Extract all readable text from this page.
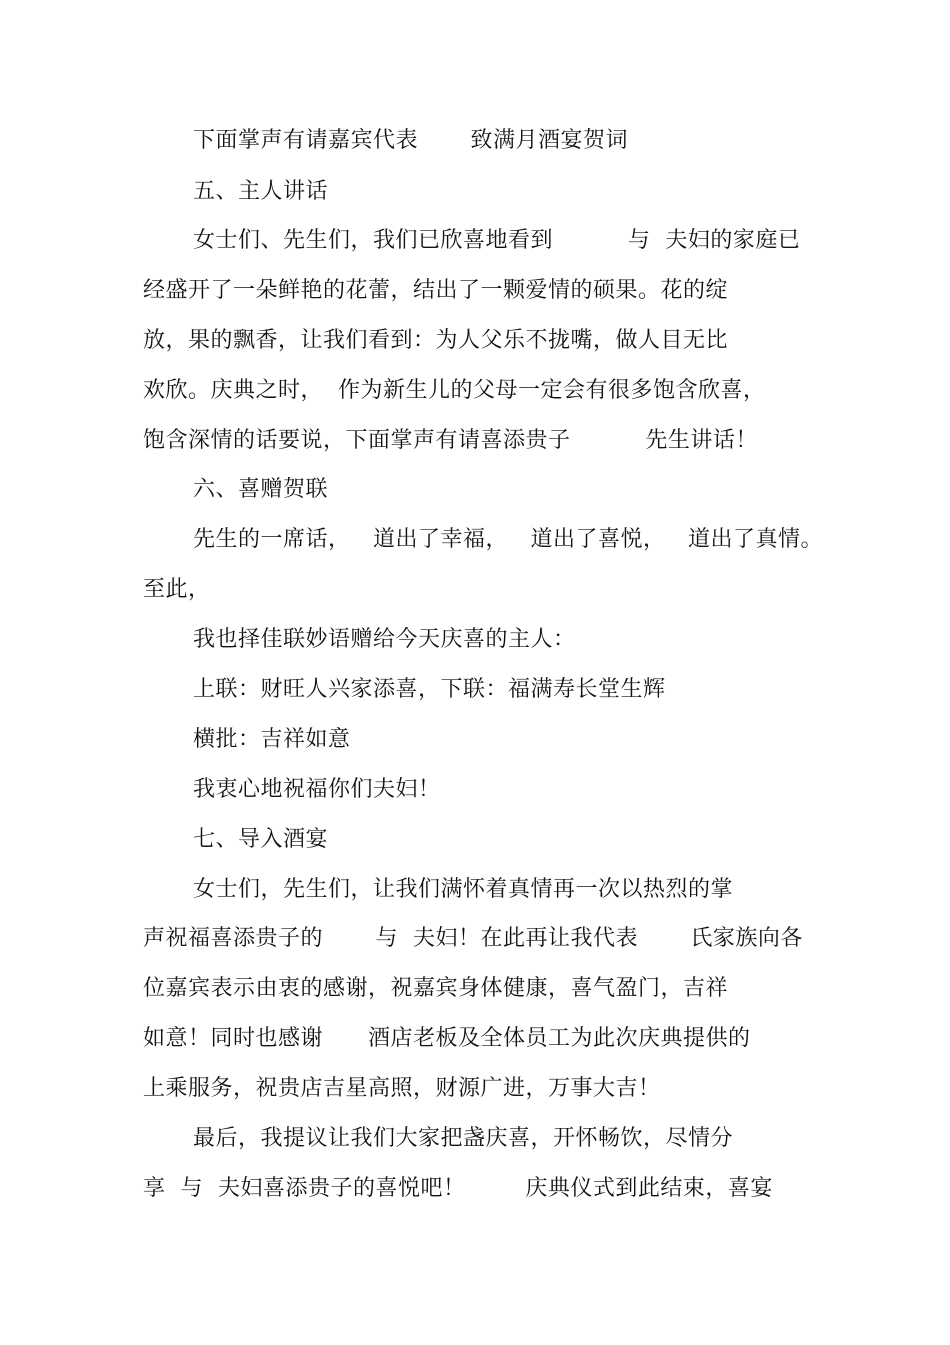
下面掌声有请嘉宾代表       致满月酒宴贺词
五、主人讲话
女士们、先生们，我们已欣喜地看到          与  夫妇的家庭已
经盛开了一朵鲜艳的花蕾，结出了一颗爱情的硕果。花的绽
放，果的飘香，让我们看到：为人父乐不拢嘴，做人目无比
欢欣。庆典之时，  作为新生儿的父母一定会有很多饱含欣喜，
饱含深情的话要说，下面掌声有请喜添贵子          先生讲话！
六、喜赠贺联
先生的一席话，   道出了幸福，   道出了喜悦，   道出了真情。
至此，
我也择佳联妙语赠给今天庆喜的主人：
上联：财旺人兴家添喜，下联：福满寿长堂生辉
横批：吉祥如意
我衷心地祝福你们夫妇！
七、导入酒宴
女士们，先生们，让我们满怀着真情再一次以热烈的掌
声祝福喜添贵子的       与  夫妇！在此再让我代表       氏家族向各
位嘉宾表示由衷的感谢，祝嘉宾身体健康，喜气盈门，吉祥
如意！同时也感谢      酒店老板及全体员工为此次庆典提供的
上乘服务，祝贵店吉星高照，财源广进，万事大吉！
最后，我提议让我们大家把盏庆喜，开怀畅饮，尽情分
享  与  夫妇喜添贵子的喜悦吧！        庆典仪式到此结束，喜宴
